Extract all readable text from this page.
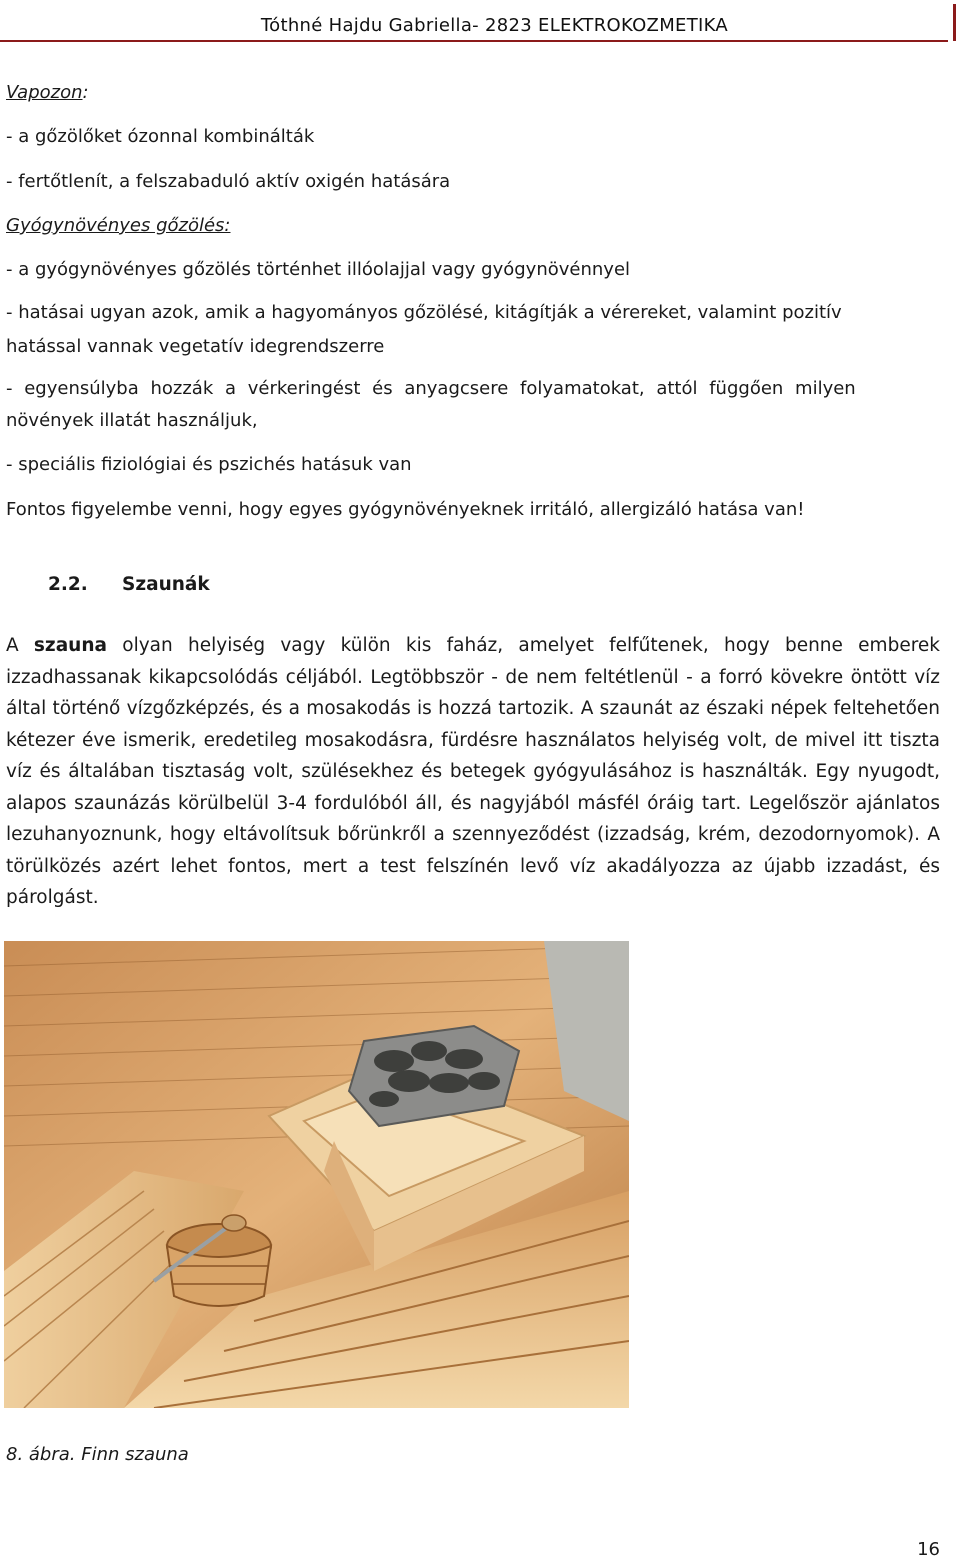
Tóthné Hajdu Gabriella- 2823 ELEKTROKOZMETIKA

Vapozon:

- a gőzölőket ózonnal kombinálták

- fertőtlenít, a felszabaduló aktív oxigén hatására

Gyógynövényes gőzölés:

- a gyógynövényes gőzölés történhet illóolajjal vagy gyógynövénnyel

- hatásai ugyan azok, amik a hagyományos gőzölésé, kitágítják a vérereket, valamint pozitív

hatással vannak vegetatív idegrendszerre

- egyensúlyba hozzák a vérkeringést és anyagcsere folyamatokat, attól függően milyen

növények illatát használjuk,

- speciális fiziológiai és pszichés hatásuk van

Fontos figyelembe venni, hogy egyes gyógynövényeknek irritáló, allergizáló hatása van!

2.2. Szaunák

A szauna olyan helyiség vagy külön kis faház, amelyet felfűtenek, hogy benne emberek izzadhassanak kikapcsolódás céljából. Legtöbbször - de nem feltétlenül - a forró kövekre öntött víz által történő vízgőzképzés, és a mosakodás is hozzá tartozik. A szaunát az északi népek feltehetően kétezer éve ismerik, eredetileg mosakodásra, fürdésre használatos helyiség volt, de mivel itt tiszta víz és általában tisztaság volt, szülésekhez és betegek gyógyulásához is használták. Egy nyugodt, alapos szaunázás körülbelül 3-4 fordulóból áll, és nagyjából másfél óráig tart. Legelőször ajánlatos lezuhanyoznunk, hogy eltávolítsuk bőrünkről a szennyeződést (izzadság, krém, dezodornyomok). A törülközés azért lehet fontos, mert a test felszínén levő víz akadályozza az újabb izzadást, és párolgást.

8. ábra. Finn szauna
16
